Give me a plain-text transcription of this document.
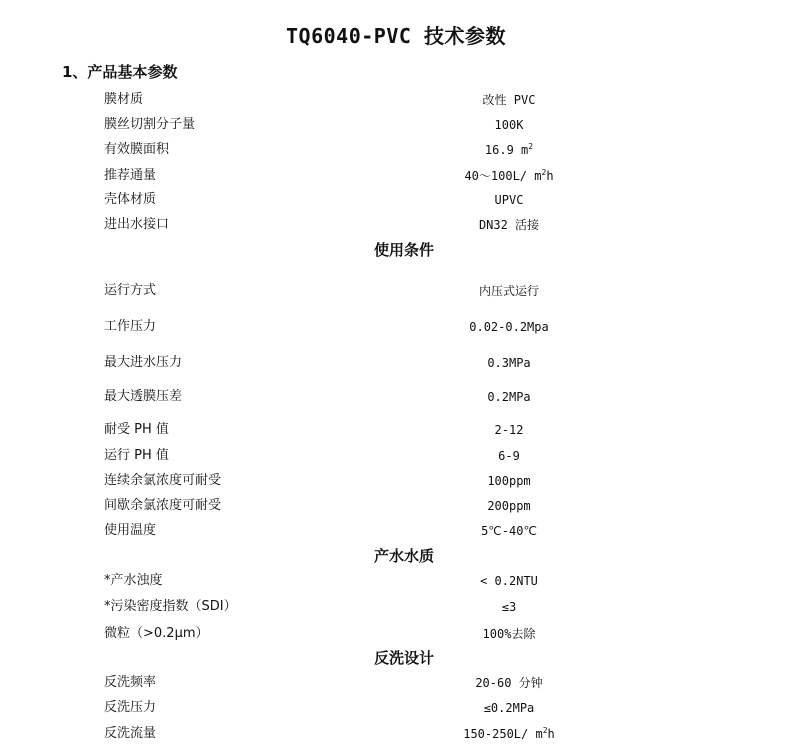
TQ6040-PVC 技术参数
1、产品基本参数
膜材质	改性 PVC
膜丝切割分子量	100K
有效膜面积	16.9 $m^2$
推荐通量	40～100L/ $m^2h$
壳体材质	UPVC
进出水接口	DN32 活接
使用条件
运行方式	内压式运行
工作压力	0.02-0.2Mpa
最大进水压力	0.3MPa
最大透膜压差	0.2MPa
耐受 PH 值	2-12
运行 PH 值	6-9
连续余氯浓度可耐受	100ppm
间歇余氯浓度可耐受	200ppm
使用温度	5℃-40℃
产水水质
*产水浊度	< 0.2NTU
*污染密度指数（SDI）	≤3
微粒（>0.2μm）	100%去除
反洗设计
反洗频率	20-60 分钟
反洗压力	≤0.2MPa
反洗流量	150-250L/ $m^2h$
